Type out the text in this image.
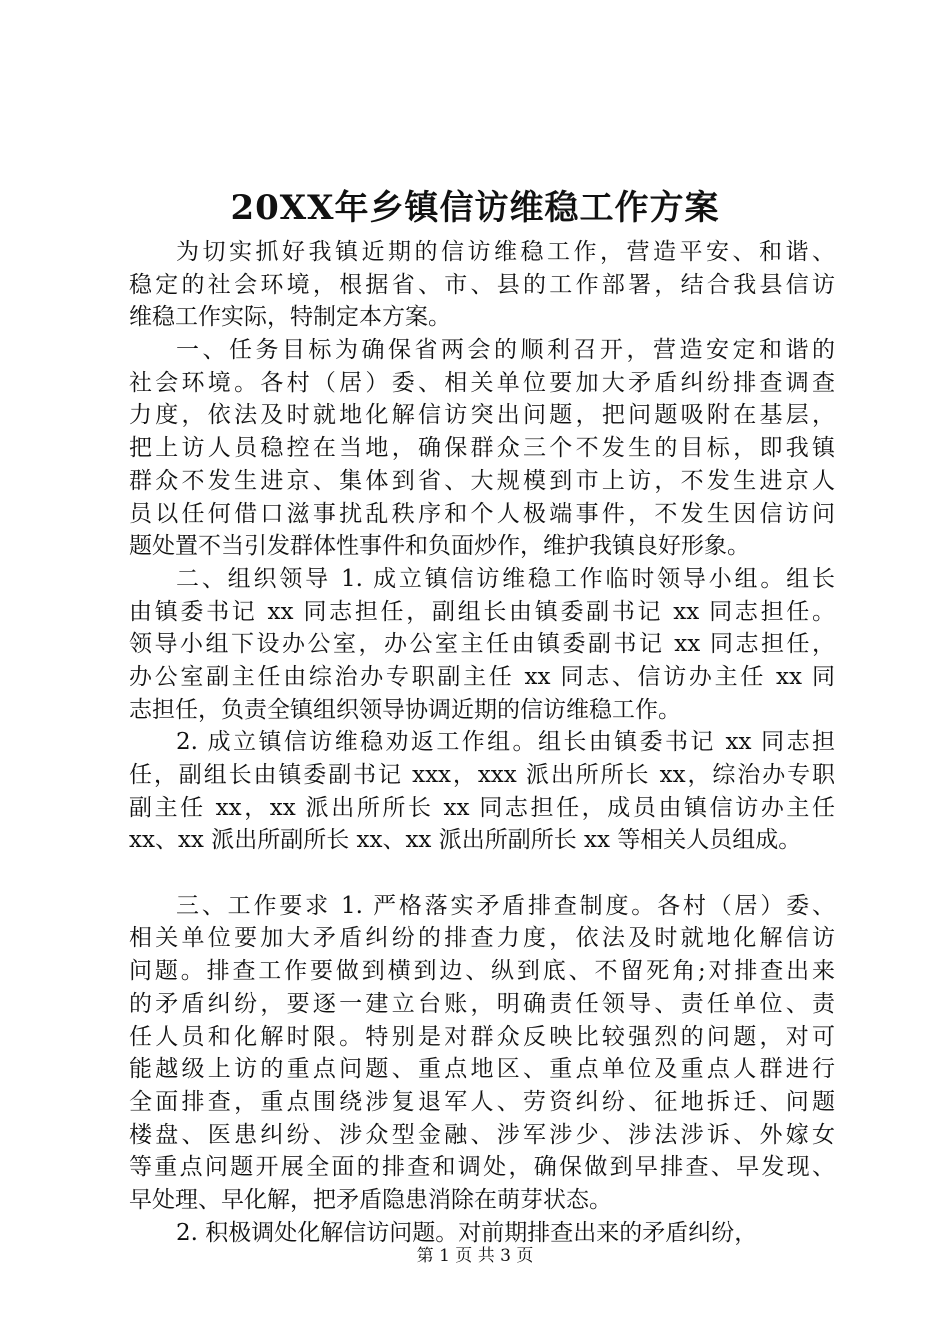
20XX年乡镇信访维稳工作方案
为切实抓好我镇近期的信访维稳工作，营造平安、和谐、
稳定的社会环境，根据省、市、县的工作部署，结合我县信访
维稳工作实际，特制定本方案。
一、任务目标为确保省两会的顺利召开，营造安定和谐的
社会环境。各村（居）委、相关单位要加大矛盾纠纷排查调查
力度，依法及时就地化解信访突出问题，把问题吸附在基层，
把上访人员稳控在当地，确保群众三个不发生的目标，即我镇
群众不发生进京、集体到省、大规模到市上访，不发生进京人
员以任何借口滋事扰乱秩序和个人极端事件，不发生因信访问
题处置不当引发群体性事件和负面炒作，维护我镇良好形象。
二、组织领导 1. 成立镇信访维稳工作临时领导小组。组长
由镇委书记 xx 同志担任，副组长由镇委副书记 xx 同志担任。
领导小组下设办公室，办公室主任由镇委副书记 xx 同志担任，
办公室副主任由综治办专职副主任 xx 同志、信访办主任 xx 同
志担任，负责全镇组织领导协调近期的信访维稳工作。
2. 成立镇信访维稳劝返工作组。组长由镇委书记 xx 同志担
任，副组长由镇委副书记 xxx，xxx 派出所所长 xx，综治办专职
副主任 xx，xx 派出所所长 xx 同志担任，成员由镇信访办主任
xx、xx 派出所副所长 xx、xx 派出所副所长 xx 等相关人员组成。
三、工作要求 1. 严格落实矛盾排查制度。各村（居）委、
相关单位要加大矛盾纠纷的排查力度，依法及时就地化解信访
问题。排查工作要做到横到边、纵到底、不留死角;对排查出来
的矛盾纠纷，要逐一建立台账，明确责任领导、责任单位、责
任人员和化解时限。特别是对群众反映比较强烈的问题，对可
能越级上访的重点问题、重点地区、重点单位及重点人群进行
全面排查，重点围绕涉复退军人、劳资纠纷、征地拆迁、问题
楼盘、医患纠纷、涉众型金融、涉军涉少、涉法涉诉、外嫁女
等重点问题开展全面的排查和调处，确保做到早排查、早发现、
早处理、早化解，把矛盾隐患消除在萌芽状态。
2. 积极调处化解信访问题。对前期排查出来的矛盾纠纷，
第 1 页 共 3 页
